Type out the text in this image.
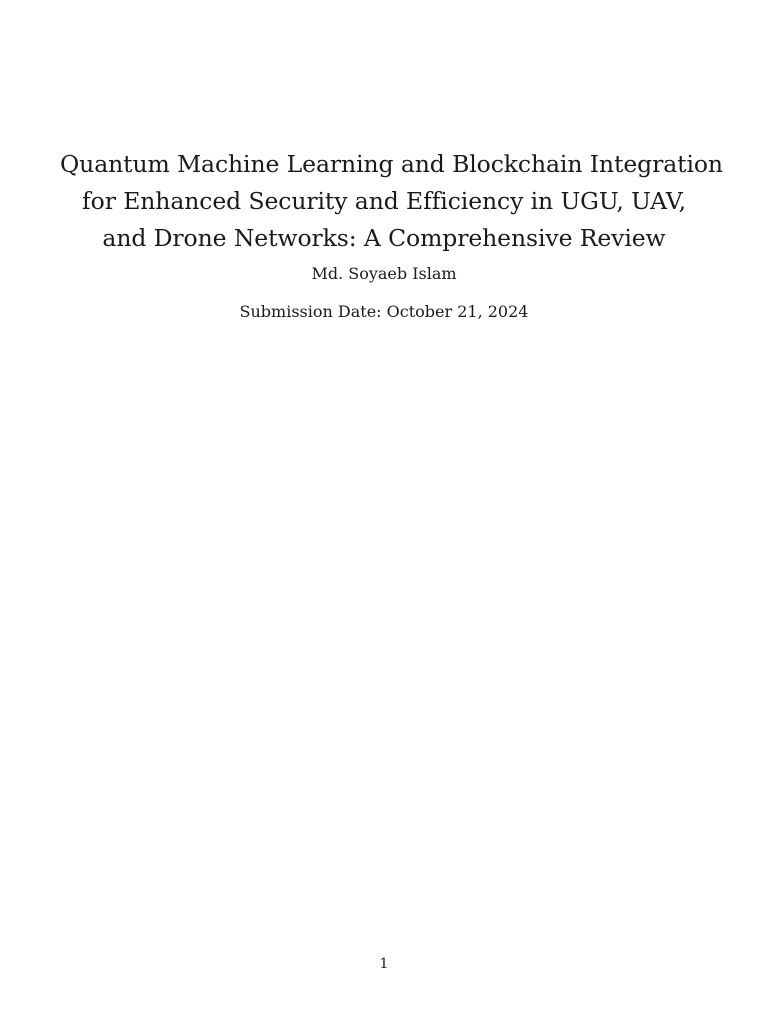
Quantum Machine Learning and Blockchain Integration
for Enhanced Security and Efficiency in UGU, UAV,
and Drone Networks: A Comprehensive Review
Md. Soyaeb Islam
Submission Date: October 21, 2024
1
